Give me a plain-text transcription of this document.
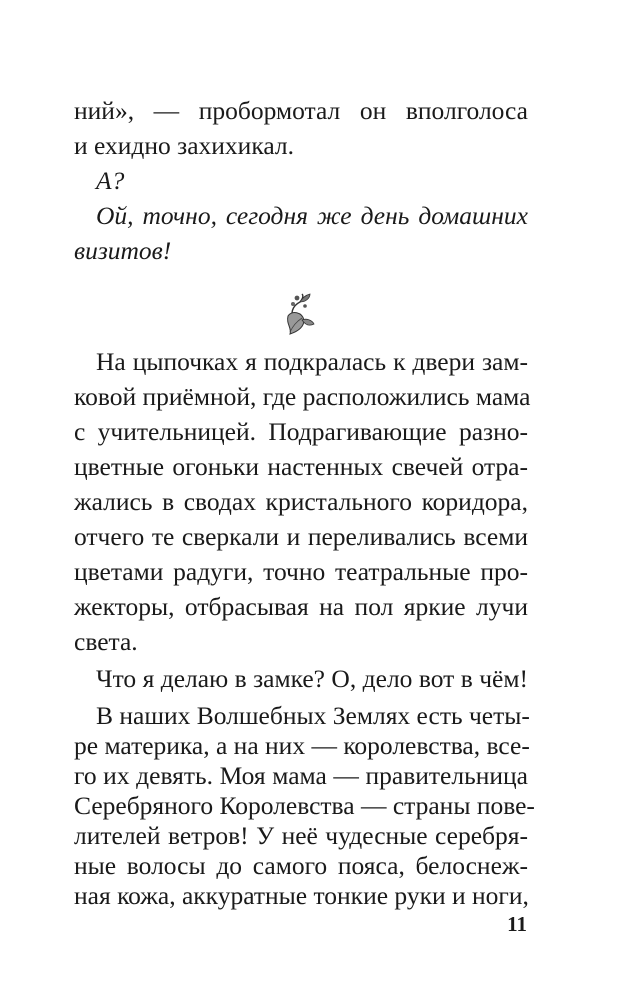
ний», — пробормотал он вполголоса
и ехидно захихикал.
А?
Ой, точно, сегодня же день домашних
визитов!
На цыпочках я подкралась к двери зам-
ковой приёмной, где расположились мама
с учительницей. Подрагивающие разно-
цветные огоньки настенных свечей отра-
жались в сводах кристального коридора,
отчего те сверкали и переливались всеми
цветами радуги, точно театральные про-
жекторы, отбрасывая на пол яркие лучи
света.
Что я делаю в замке? О, дело вот в чём!
В наших Волшебных Землях есть четы-
ре материка, а на них — королевства, все-
го их девять. Моя мама — правительница
Серебряного Королевства — страны пове-
лителей ветров! У неё чудесные серебря-
ные волосы до самого пояса, белоснеж-
11
ная кожа, аккуратные тонкие руки и ноги,
